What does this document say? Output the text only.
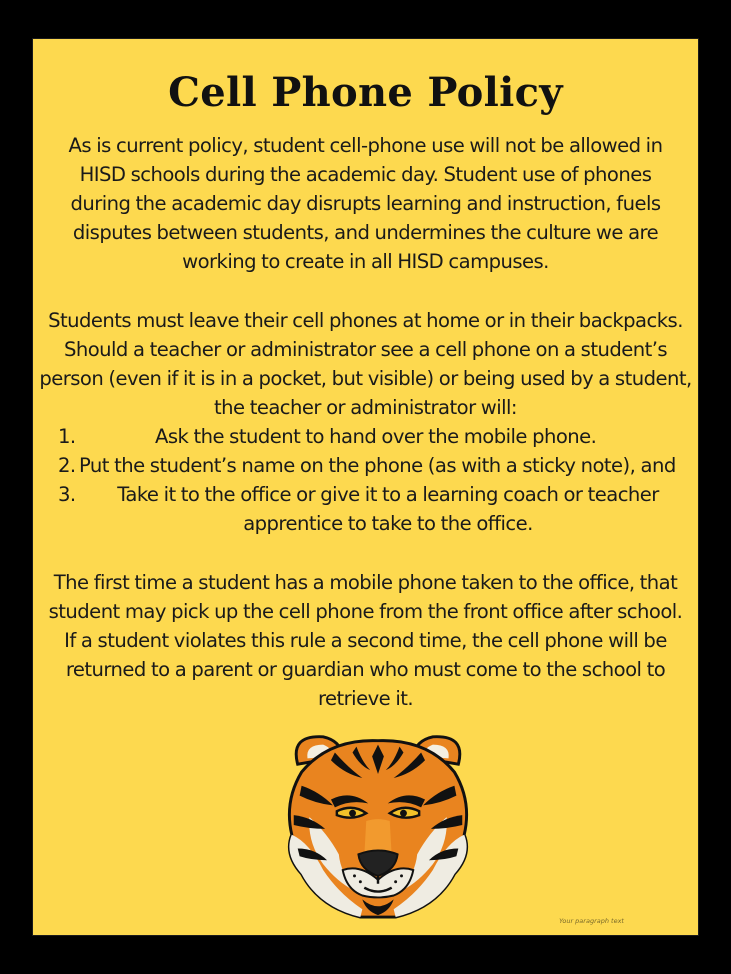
Cell Phone Policy

As is current policy, student cell-phone use will not be allowed in HISD schools during the academic day. Student use of phones during the academic day disrupts learning and instruction, fuels disputes between students, and undermines the culture we are working to create in all HISD campuses.

Students must leave their cell phones at home or in their backpacks. Should a teacher or administrator see a cell phone on a student’s person (even if it is in a pocket, but visible) or being used by a student, the teacher or administrator will:

1.	Ask the student to hand over the mobile phone.
2. Put the student’s name on the phone (as with a sticky note), and
3.	Take it to the office or give it to a learning coach or teacher apprentice to take to the office.

The first time a student has a mobile phone taken to the office, that student may pick up the cell phone from the front office after school. If a student violates this rule a second time, the cell phone will be returned to a parent or guardian who must come to the school to retrieve it.

Your paragraph text
